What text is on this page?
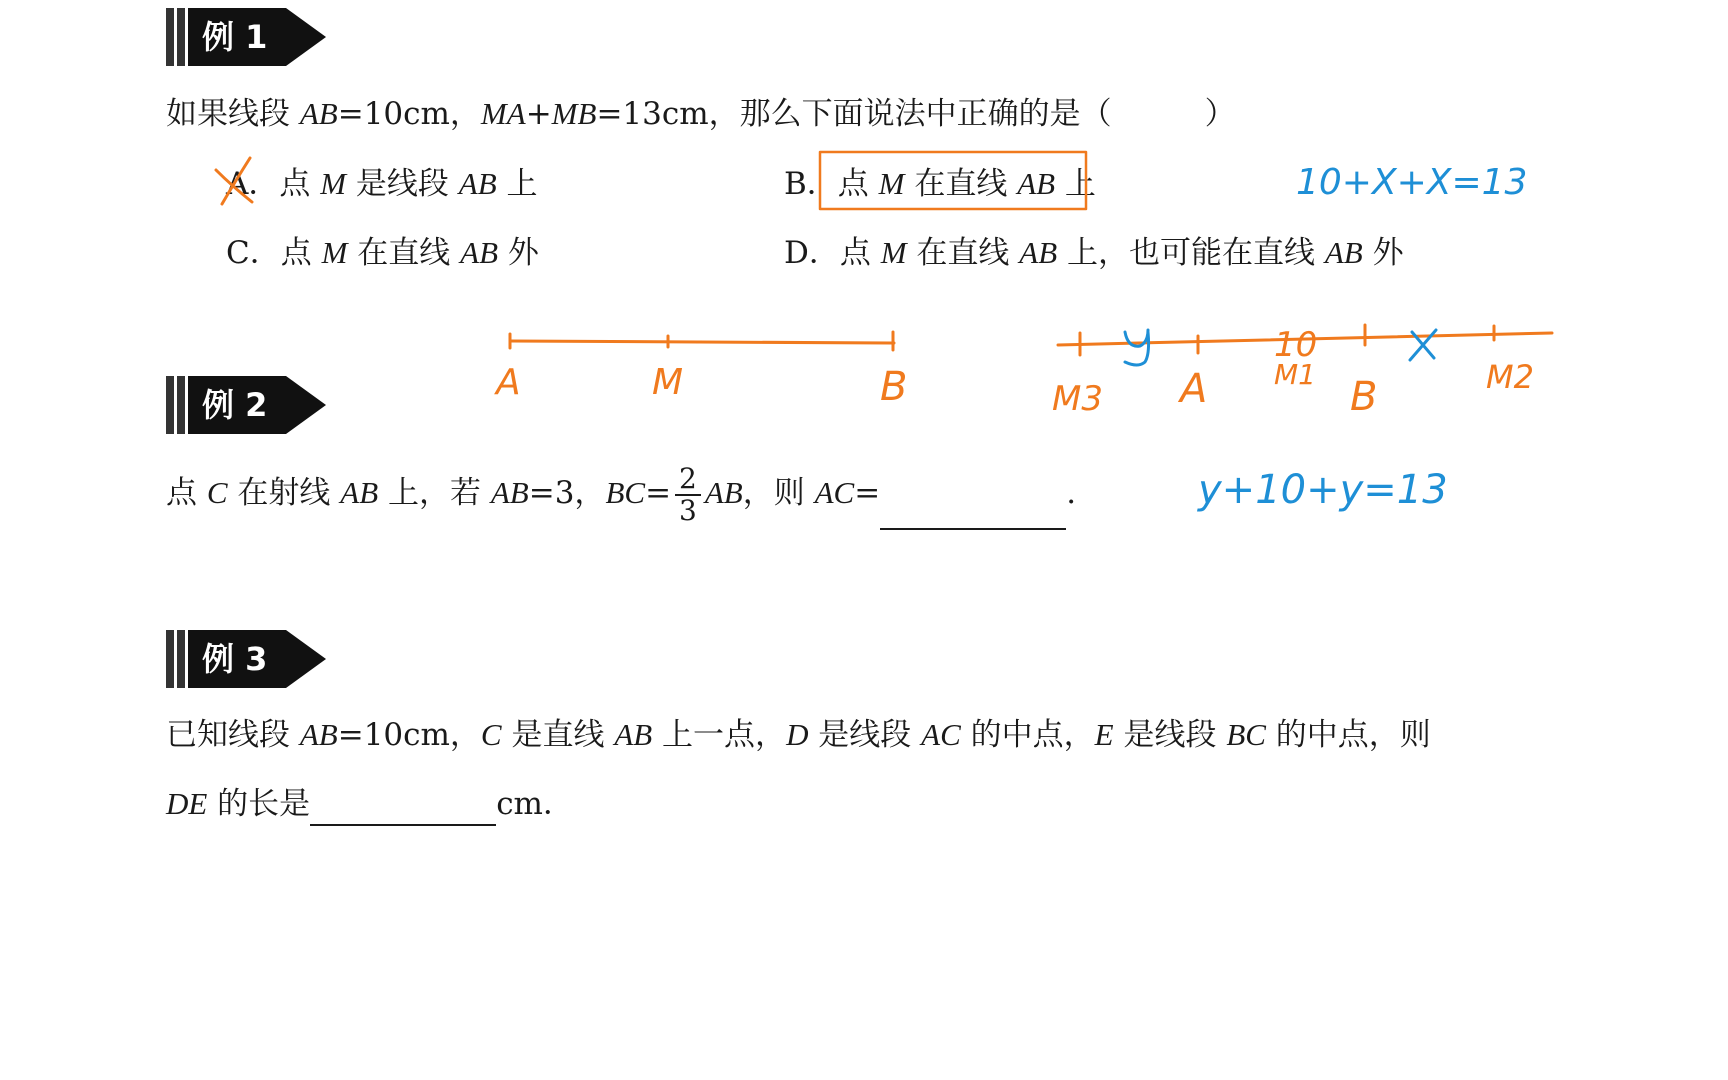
例 1
如果线段 AB=10cm，MA+MB=13cm，那么下面说法中正确的是（　　　）
A．点 M 是线段 AB 上	B．点 M 在直线 AB 上
C．点 M 在直线 AB 外	D．点 M 在直线 AB 上，也可能在直线 AB 外
例 2
点 C 在射线 AB 上，若 AB=3，$BC= \frac{2}{3}$ AB，则 AC=	.
例 3
已知线段 AB=10cm，C 是直线 AB 上一点，D 是线段 AC 的中点，E 是线段 BC 的中点，则
DE 的长是	cm．
10+X+X=13
y+10+y=13
A	M	B	M3 A M1 B	M2
10
